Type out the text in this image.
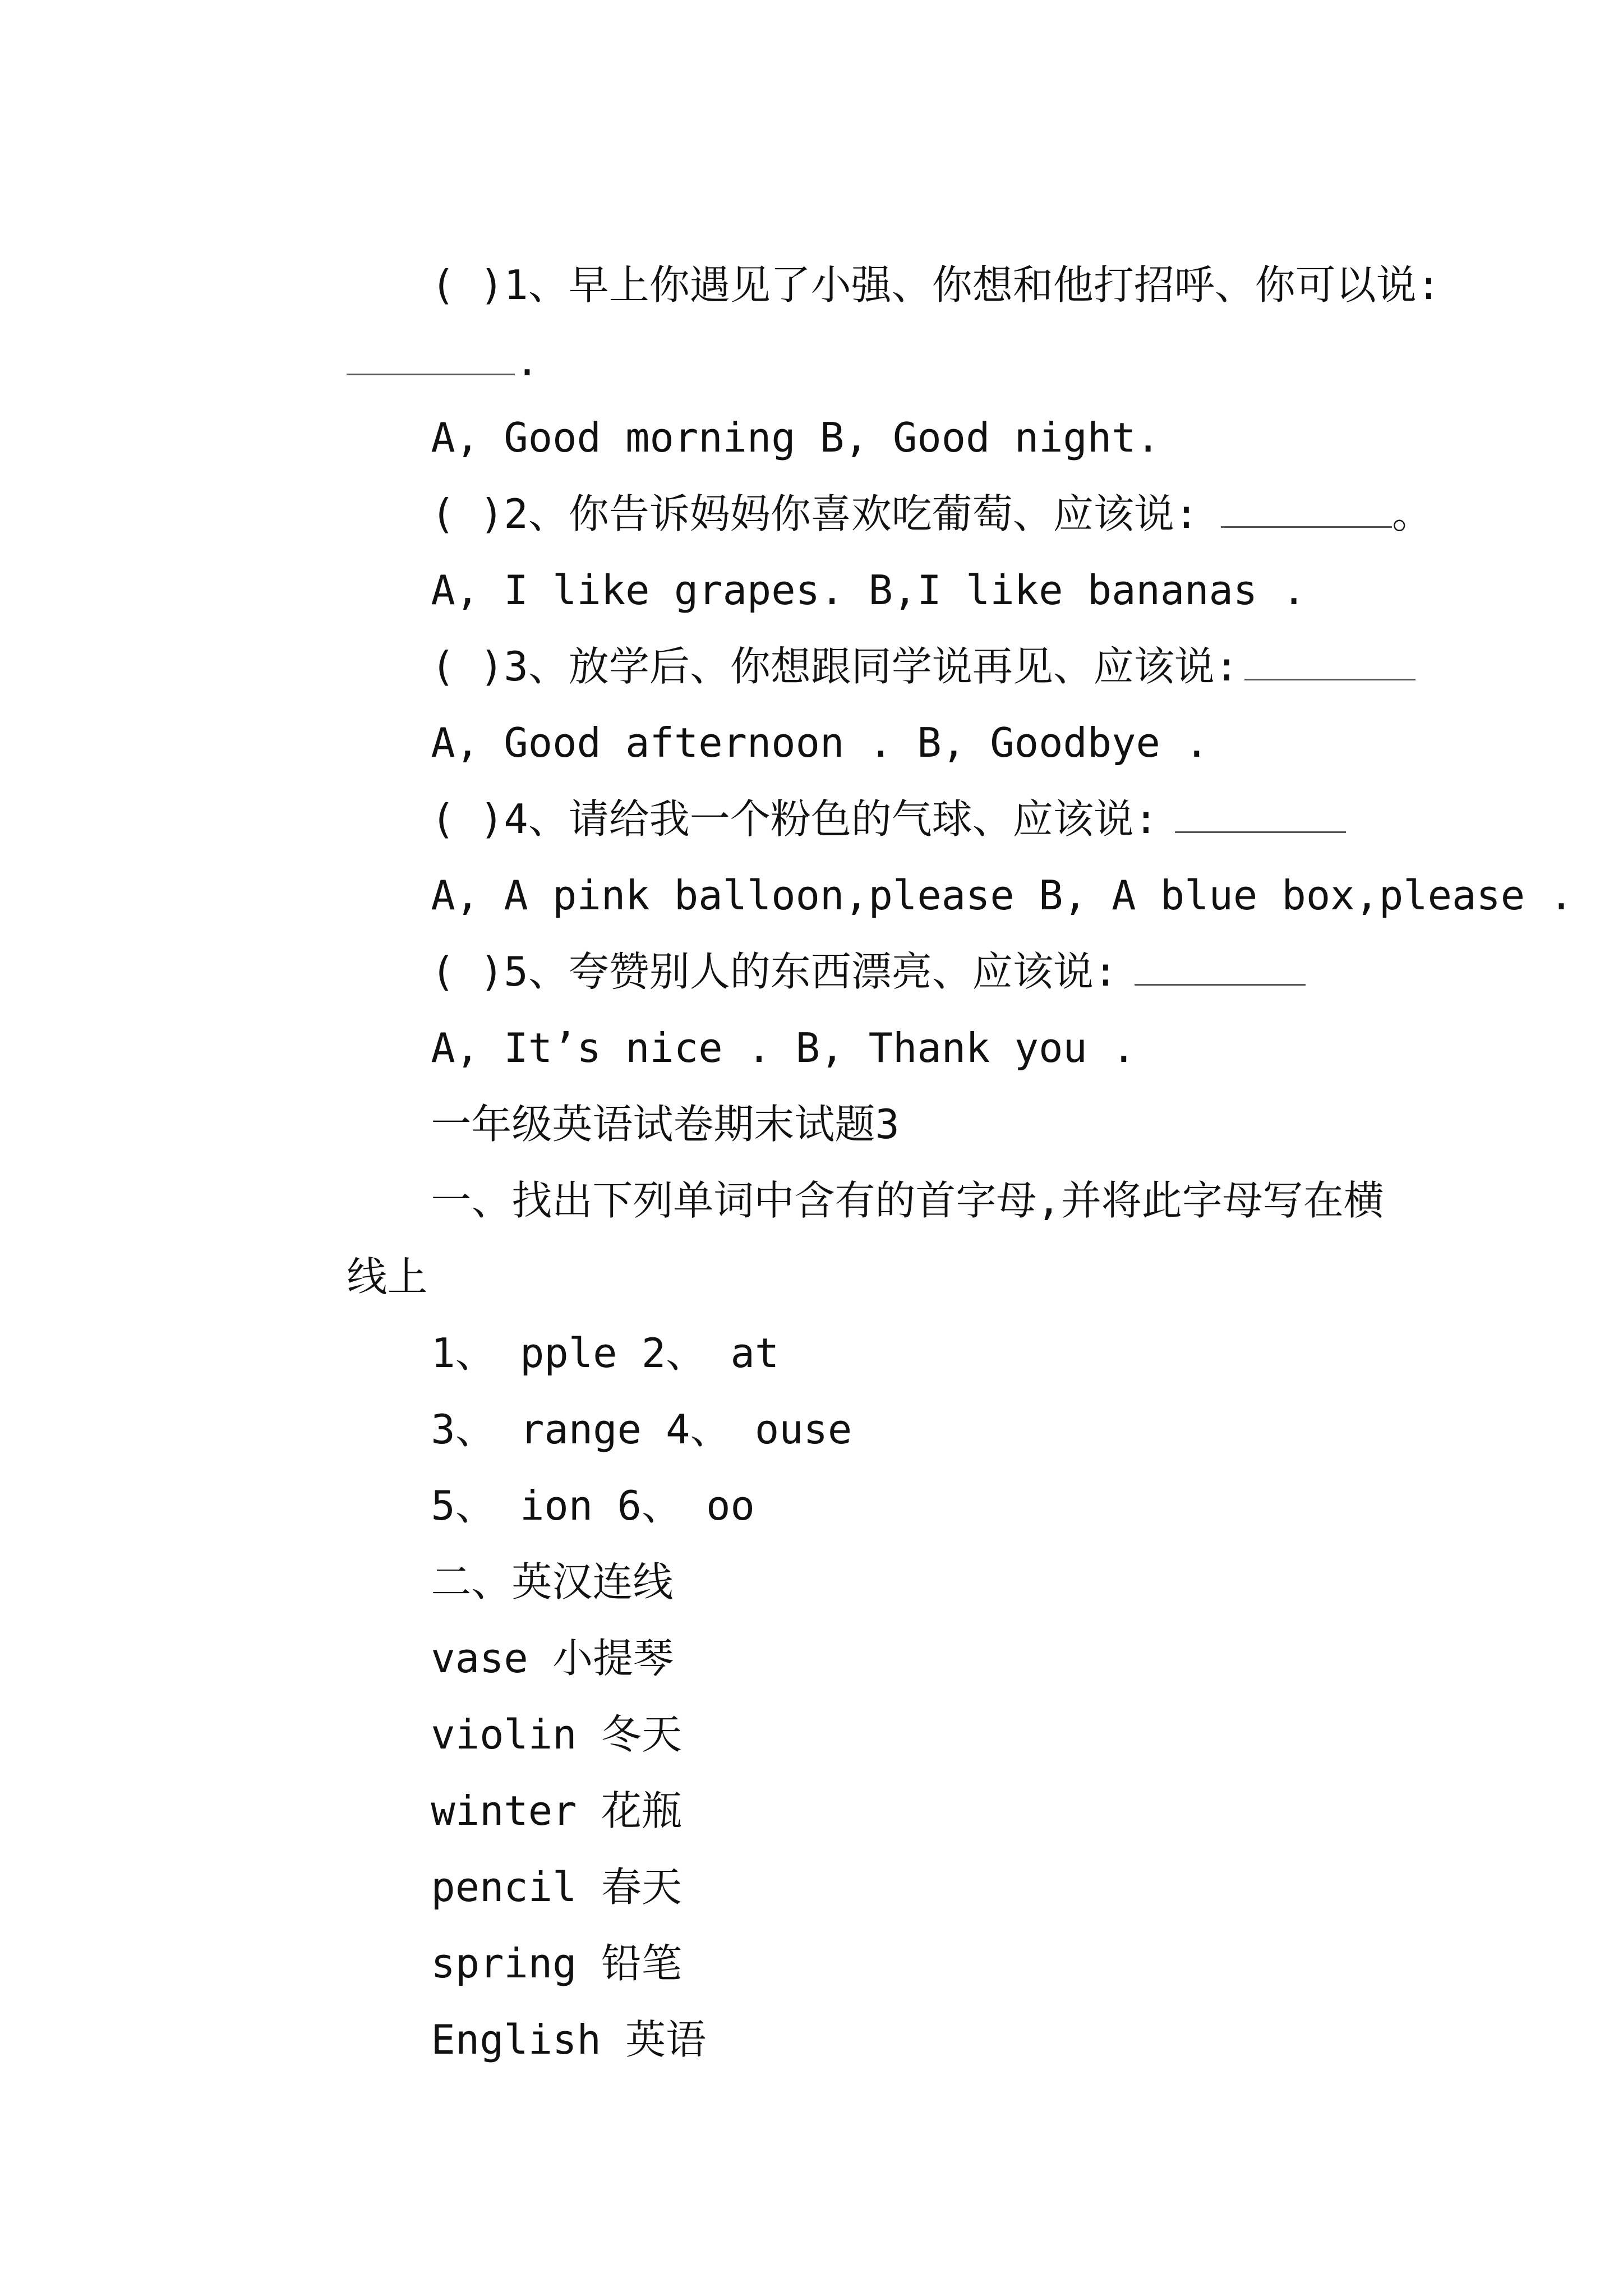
( )1、早上你遇见了小强、你想和他打招呼、你可以说:

.

A, Good morning B, Good night.

( )2、你告诉妈妈你喜欢吃葡萄、应该说:	。

A, I like grapes. B,I like bananas .

( )3、放学后、你想跟同学说再见、应该说:

A, Good afternoon . B, Goodbye .

( )4、请给我一个粉色的气球、应该说:

A, A pink balloon,please B, A blue box,please .

( )5、夸赞别人的东西漂亮、应该说:

A, It’s nice . B, Thank you .

一年级英语试卷期末试题3

一、找出下列单词中含有的首字母,并将此字母写在横

线上

1、 pple 2、 at

3、 range 4、 ouse

5、 ion 6、 oo

二、英汉连线

vase 小提琴

violin 冬天

winter 花瓶

pencil 春天

spring 铅笔

English 英语
